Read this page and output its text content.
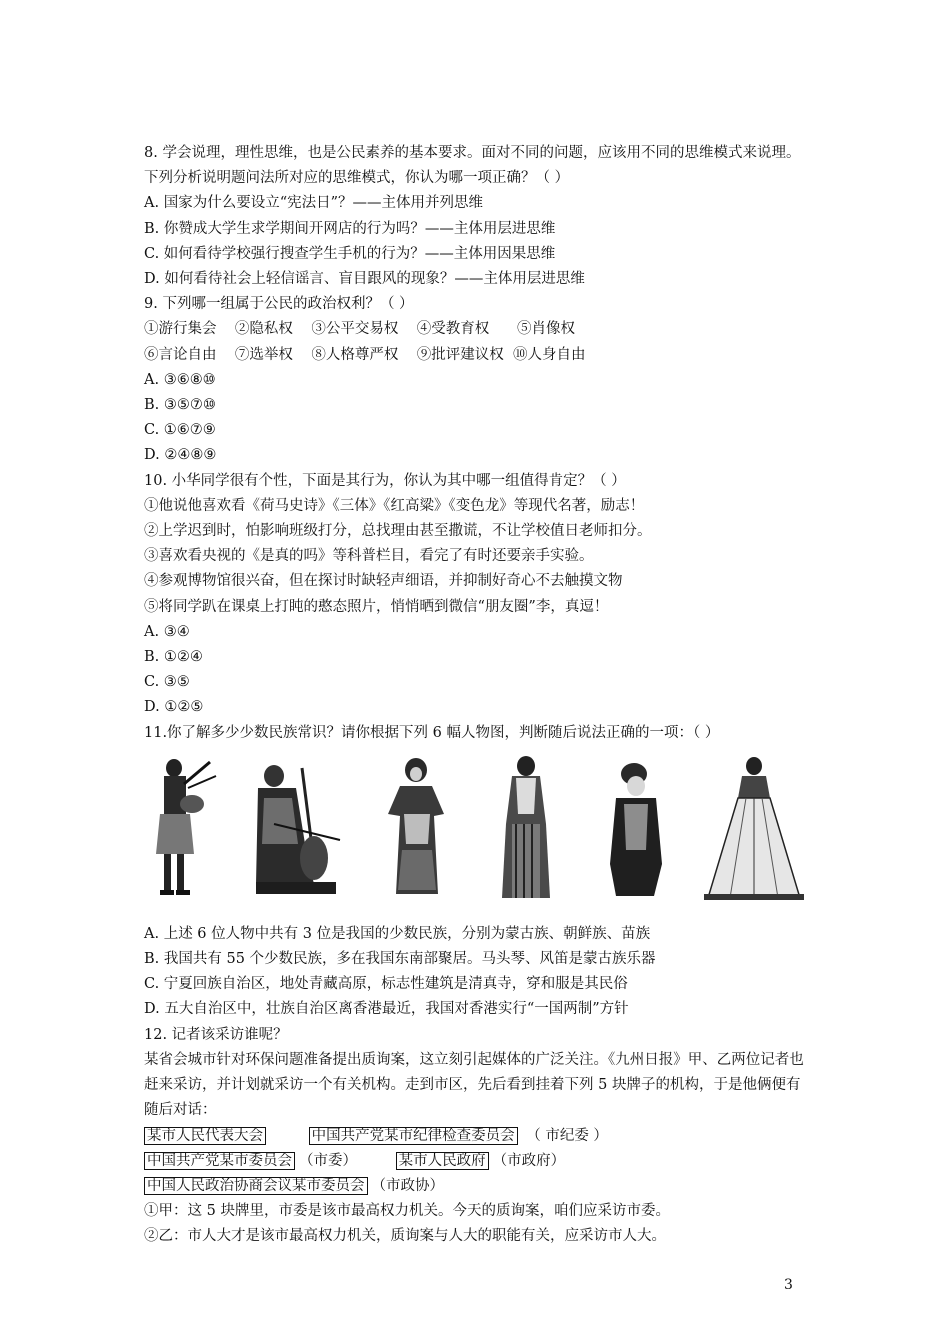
8. 学会说理，理性思维，也是公民素养的基本要求。面对不同的问题，应该用不同的思维模式来说理。下列分析说明题问法所对应的思维模式，你认为哪一项正确？（ ）
A. 国家为什么要设立“宪法日”？——主体用并列思维
B. 你赞成大学生求学期间开网店的行为吗？——主体用层进思维
C. 如何看待学校强行搜查学生手机的行为？——主体用因果思维
D. 如何看待社会上轻信谣言、盲目跟风的现象？——主体用层进思维
9. 下列哪一组属于公民的政治权利？（ ）
①游行集会    ②隐私权    ③公平交易权    ④受教育权      ⑤肖像权
⑥言论自由    ⑦选举权    ⑧人格尊严权    ⑨批评建议权  ⑩人身自由
A. ③⑥⑧⑩
B. ③⑤⑦⑩
C. ①⑥⑦⑨
D. ②④⑧⑨
10. 小华同学很有个性，下面是其行为，你认为其中哪一组值得肯定？（ ）
①他说他喜欢看《荷马史诗》《三体》《红高粱》《变色龙》等现代名著，励志！
②上学迟到时，怕影响班级打分，总找理由甚至撒谎，不让学校值日老师扣分。
③喜欢看央视的《是真的吗》等科普栏目，看完了有时还要亲手实验。
④参观博物馆很兴奋，但在探讨时缺轻声细语，并抑制好奇心不去触摸文物
⑤将同学趴在课桌上打盹的憨态照片，悄悄晒到微信“朋友圈”李，真逗！
A. ③④
B. ①②④
C. ③⑤
D. ①②⑤
11.你了解多少少数民族常识？请你根据下列 6 幅人物图，判断随后说法正确的一项：（ ）
A. 上述 6 位人物中共有 3 位是我国的少数民族，分别为蒙古族、朝鲜族、苗族
B. 我国共有 55 个少数民族，多在我国东南部聚居。马头琴、风笛是蒙古族乐器
C. 宁夏回族自治区，地处青藏高原，标志性建筑是清真寺，穿和服是其民俗
D. 五大自治区中，壮族自治区离香港最近，我国对香港实行“一国两制”方针
12. 记者该采访谁呢？
某省会城市针对环保问题准备提出质询案，这立刻引起媒体的广泛关注。《九州日报》甲、乙两位记者也赶来采访，并计划就采访一个有关机构。走到市区，先后看到挂着下列 5 块牌子的机构，于是他俩便有随后对话：
某市人民代表大会	中国共产党某市纪律检查委员会 （ 市纪委 ）
中国共产党某市委员会 （市委）	某市人民政府 （市政府）
中国人民政治协商会议某市委员会 （市政协）
①甲：这 5 块牌里，市委是该市最高权力机关。今天的质询案，咱们应采访市委。
②乙：市人大才是该市最高权力机关，质询案与人大的职能有关，应采访市人大。
3
